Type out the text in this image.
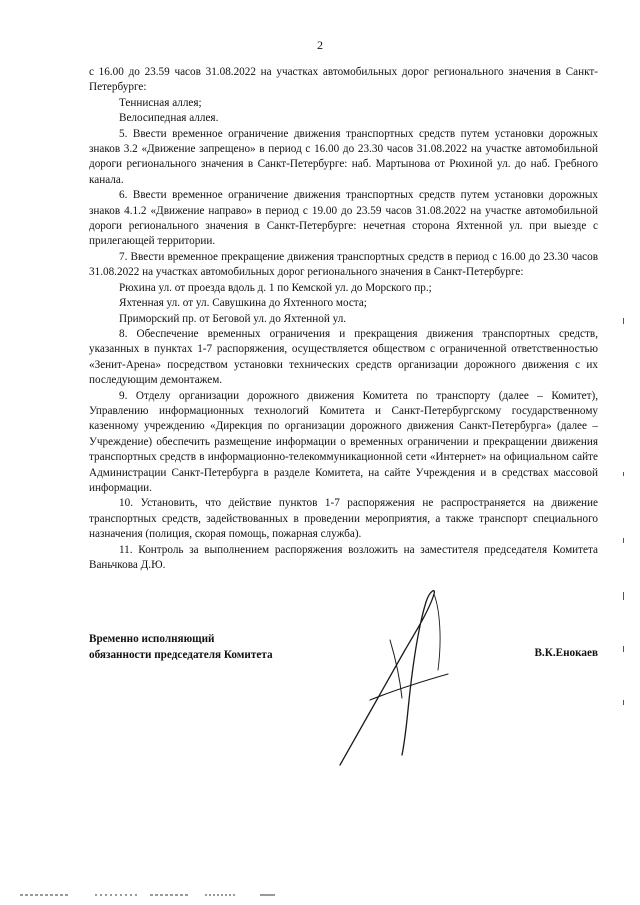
2

с 16.00 до 23.59 часов 31.08.2022 на участках автомобильных дорог регионального значения в Санкт-Петербурге:

Теннисная аллея;

Велосипедная аллея.

5. Ввести временное ограничение движения транспортных средств путем установки дорожных знаков 3.2 «Движение запрещено» в период с 16.00 до 23.30 часов 31.08.2022 на участке автомобильной дороги регионального значения в Санкт-Петербурге: наб. Мартынова от Рюхиной ул. до наб. Гребного канала.

6. Ввести временное ограничение движения транспортных средств путем установки дорожных знаков 4.1.2 «Движение направо» в период с 19.00 до 23.59 часов 31.08.2022 на участке автомобильной дороги регионального значения в Санкт-Петербурге: нечетная сторона Яхтенной ул. при выезде с прилегающей территории.

7. Ввести временное прекращение движения транспортных средств в период с 16.00 до 23.30 часов 31.08.2022 на участках автомобильных дорог регионального значения в Санкт-Петербурге:

Рюхина ул. от проезда вдоль д. 1 по Кемской ул. до Морского пр.;

Яхтенная ул. от ул. Савушкина до Яхтенного моста;

Приморский пр. от Беговой ул. до Яхтенной ул.

8. Обеспечение временных ограничения и прекращения движения транспортных средств, указанных в пунктах 1-7 распоряжения, осуществляется обществом с ограниченной ответственностью «Зенит-Арена» посредством установки технических средств организации дорожного движения с их последующим демонтажем.

9. Отделу организации дорожного движения Комитета по транспорту (далее – Комитет), Управлению информационных технологий Комитета и Санкт-Петербургскому государственному казенному учреждению «Дирекция по организации дорожного движения Санкт-Петербурга» (далее – Учреждение) обеспечить размещение информации о временных ограничении и прекращении движения транспортных средств в информационно-телекоммуникационной сети «Интернет» на официальном сайте Администрации Санкт-Петербурга в разделе Комитета, на сайте Учреждения и в средствах массовой информации.

10. Установить, что действие пунктов 1-7 распоряжения не распространяется на движение транспортных средств, задействованных в проведении мероприятия, а также транспорт специального назначения (полиция, скорая помощь, пожарная служба).

11. Контроль за выполнением распоряжения возложить на заместителя председателя Комитета Ваньчкова Д.Ю.

Временно исполняющий
обязанности председателя Комитета	В.К.Енокаев
